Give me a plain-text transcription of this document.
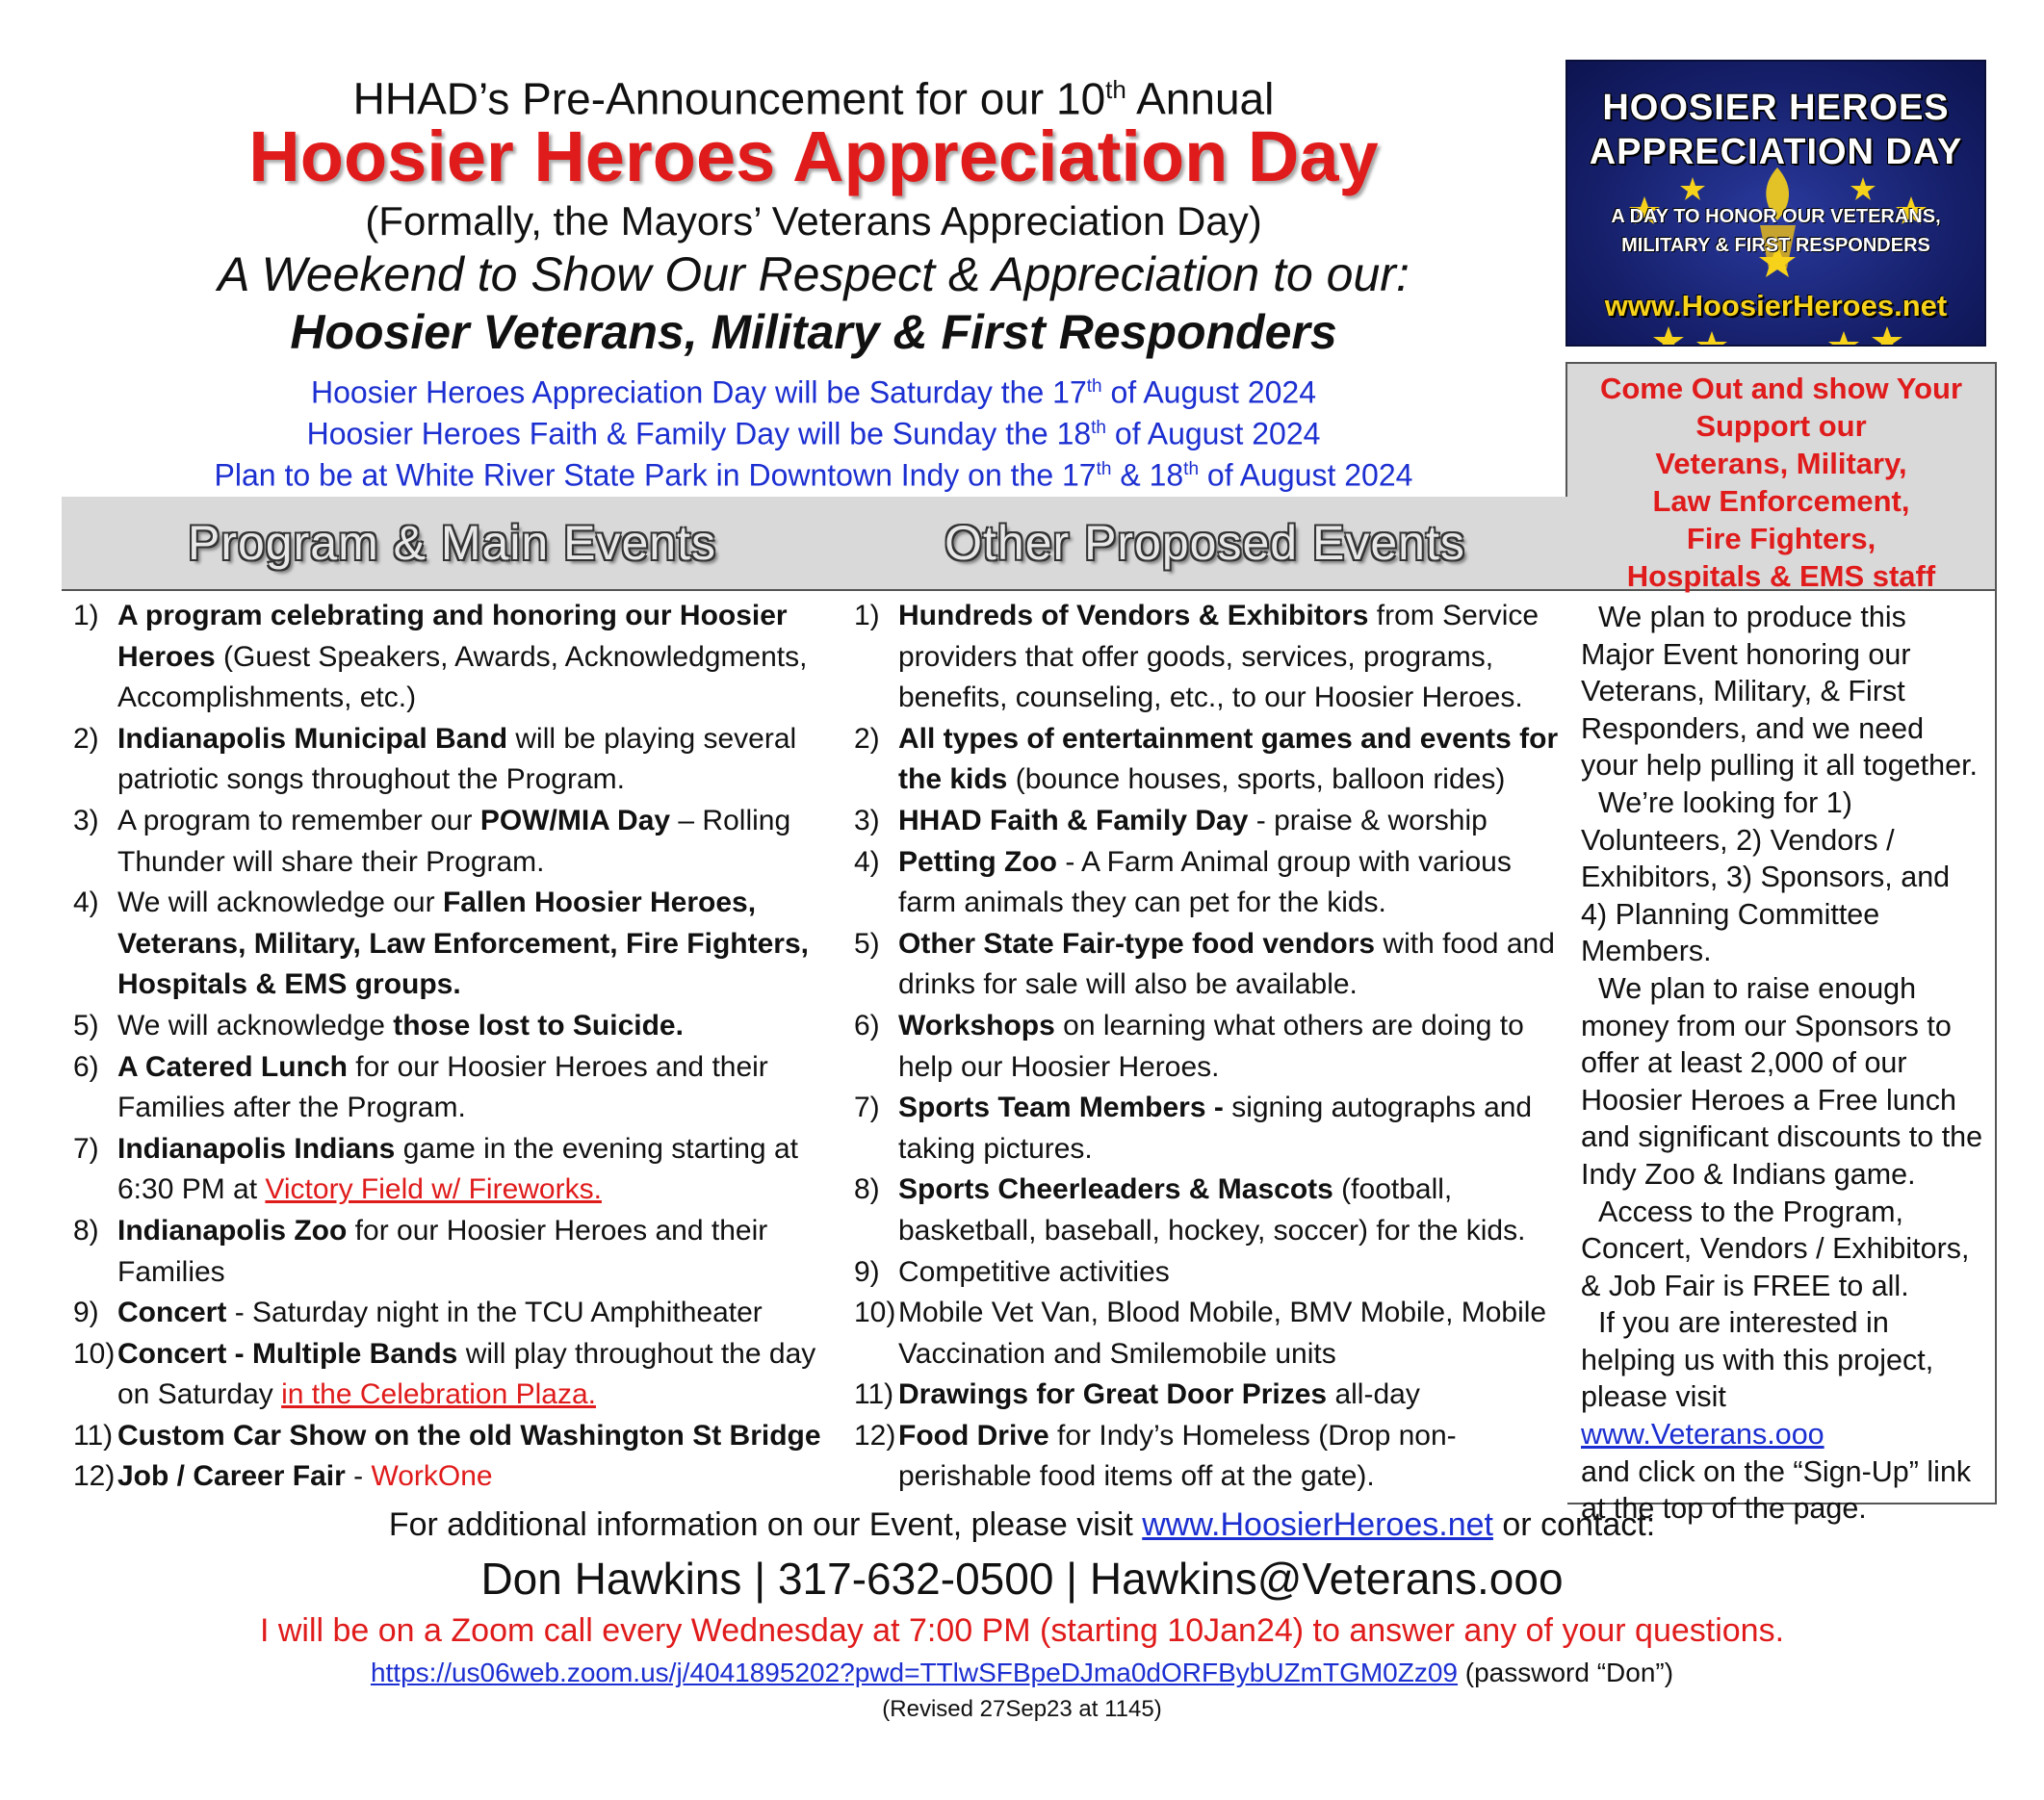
HHAD’s Pre-Announcement for our 10th Annual
Hoosier Heroes Appreciation Day
(Formally, the Mayors’ Veterans Appreciation Day)
A Weekend to Show Our Respect & Appreciation to our:
Hoosier Veterans, Military & First Responders
Hoosier Heroes Appreciation Day will be Saturday the 17th of August 2024
Hoosier Heroes Faith & Family Day will be Sunday the 18th of August 2024
Plan to be at White River State Park in Downtown Indy on the 17th & 18th of August 2024
HOOSIER HEROES
APPRECIATION DAY
A DAY TO HONOR OUR VETERANS,
MILITARY & FIRST RESPONDERS
www.HoosierHeroes.net
Come Out and show Your
Support our
Veterans, Military,
Law Enforcement,
Fire Fighters,
Hospitals & EMS staff

We plan to produce this Major Event honoring our Veterans, Military, & First Responders, and we need your help pulling it all together.

We’re looking for 1) Volunteers, 2) Vendors / Exhibitors, 3) Sponsors, and 4) Planning Committee Members.

We plan to raise enough money from our Sponsors to offer at least 2,000 of our Hoosier Heroes a Free lunch and significant discounts to the Indy Zoo & Indians game.

Access to the Program, Concert, Vendors / Exhibitors, & Job Fair is FREE to all.

If you are interested in helping us with this project, please visit

www.Veterans.ooo

and click on the “Sign-Up” link at the top of the page.

Program & Main Events	Other Proposed Events
1) A program celebrating and honoring our Hoosier Heroes (Guest Speakers, Awards, Acknowledgments, Accomplishments, etc.)
2) Indianapolis Municipal Band will be playing several patriotic songs throughout the Program.
3) A program to remember our POW/MIA Day – Rolling Thunder will share their Program.
4) We will acknowledge our Fallen Hoosier Heroes, Veterans, Military, Law Enforcement, Fire Fighters, Hospitals & EMS groups.
5) We will acknowledge those lost to Suicide.
6) A Catered Lunch for our Hoosier Heroes and their Families after the Program.
7) Indianapolis Indians game in the evening starting at 6:30 PM at Victory Field w/ Fireworks.
8) Indianapolis Zoo for our Hoosier Heroes and their Families
9) Concert - Saturday night in the TCU Amphitheater
10) Concert - Multiple Bands will play throughout the day on Saturday in the Celebration Plaza.
11) Custom Car Show on the old Washington St Bridge
12) Job / Career Fair - WorkOne
1) Hundreds of Vendors & Exhibitors from Service providers that offer goods, services, programs, benefits, counseling, etc., to our Hoosier Heroes.
2) All types of entertainment games and events for the kids (bounce houses, sports, balloon rides)
3) HHAD Faith & Family Day - praise & worship
4) Petting Zoo - A Farm Animal group with various farm animals they can pet for the kids.
5) Other State Fair-type food vendors with food and drinks for sale will also be available.
6) Workshops on learning what others are doing to help our Hoosier Heroes.
7) Sports Team Members - signing autographs and taking pictures.
8) Sports Cheerleaders & Mascots (football, basketball, baseball, hockey, soccer) for the kids.
9) Competitive activities
10) Mobile Vet Van, Blood Mobile, BMV Mobile, Mobile Vaccination and Smilemobile units
11) Drawings for Great Door Prizes all-day
12) Food Drive for Indy’s Homeless (Drop non-perishable food items off at the gate).
For additional information on our Event, please visit www.HoosierHeroes.net or contact:
Don Hawkins | 317-632-0500 | Hawkins@Veterans.ooo
I will be on a Zoom call every Wednesday at 7:00 PM (starting 10Jan24) to answer any of your questions.
https://us06web.zoom.us/j/4041895202?pwd=TTlwSFBpeDJma0dORFBybUZmTGM0Zz09 (password “Don”)
(Revised 27Sep23 at 1145)
